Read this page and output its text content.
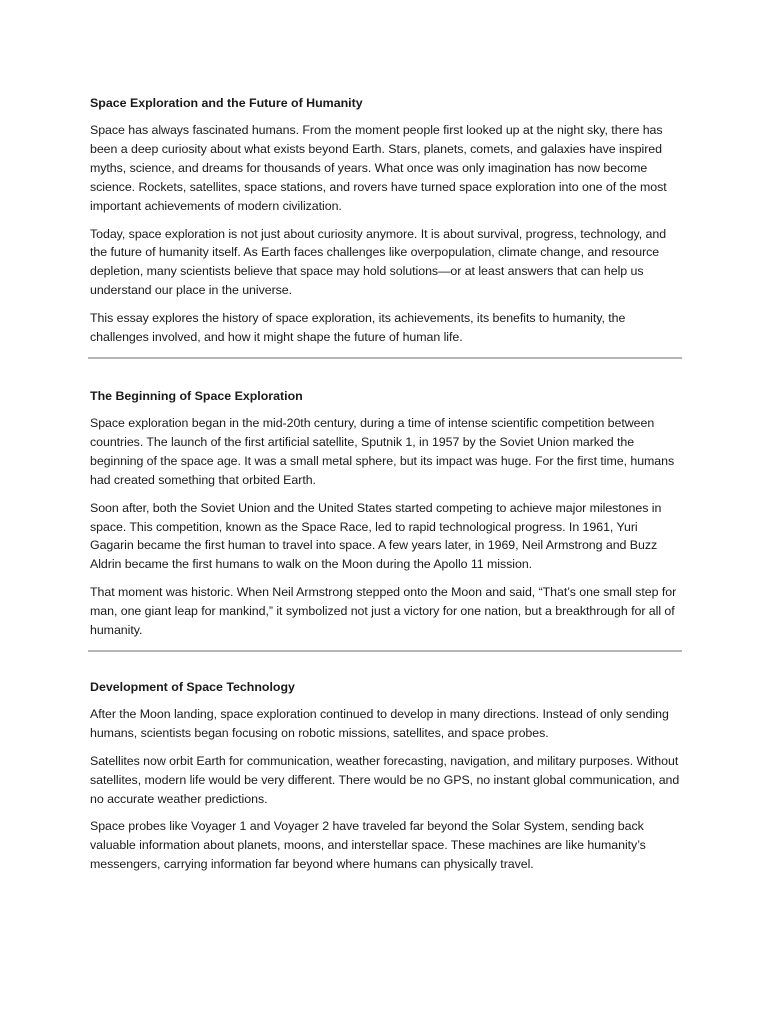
Space Exploration and the Future of Humanity

Space has always fascinated humans. From the moment people first looked up at the night sky, there has been a deep curiosity about what exists beyond Earth. Stars, planets, comets, and galaxies have inspired myths, science, and dreams for thousands of years. What once was only imagination has now become science. Rockets, satellites, space stations, and rovers have turned space exploration into one of the most important achievements of modern civilization.

Today, space exploration is not just about curiosity anymore. It is about survival, progress, technology, and the future of humanity itself. As Earth faces challenges like overpopulation, climate change, and resource depletion, many scientists believe that space may hold solutions—or at least answers that can help us understand our place in the universe.

This essay explores the history of space exploration, its achievements, its benefits to humanity, the challenges involved, and how it might shape the future of human life.

The Beginning of Space Exploration

Space exploration began in the mid-20th century, during a time of intense scientific competition between countries. The launch of the first artificial satellite, Sputnik 1, in 1957 by the Soviet Union marked the beginning of the space age. It was a small metal sphere, but its impact was huge. For the first time, humans had created something that orbited Earth.

Soon after, both the Soviet Union and the United States started competing to achieve major milestones in space. This competition, known as the Space Race, led to rapid technological progress. In 1961, Yuri Gagarin became the first human to travel into space. A few years later, in 1969, Neil Armstrong and Buzz Aldrin became the first humans to walk on the Moon during the Apollo 11 mission.

That moment was historic. When Neil Armstrong stepped onto the Moon and said, “That’s one small step for man, one giant leap for mankind,” it symbolized not just a victory for one nation, but a breakthrough for all of humanity.

Development of Space Technology

After the Moon landing, space exploration continued to develop in many directions. Instead of only sending humans, scientists began focusing on robotic missions, satellites, and space probes.

Satellites now orbit Earth for communication, weather forecasting, navigation, and military purposes. Without satellites, modern life would be very different. There would be no GPS, no instant global communication, and no accurate weather predictions.

Space probes like Voyager 1 and Voyager 2 have traveled far beyond the Solar System, sending back valuable information about planets, moons, and interstellar space. These machines are like humanity’s messengers, carrying information far beyond where humans can physically travel.
